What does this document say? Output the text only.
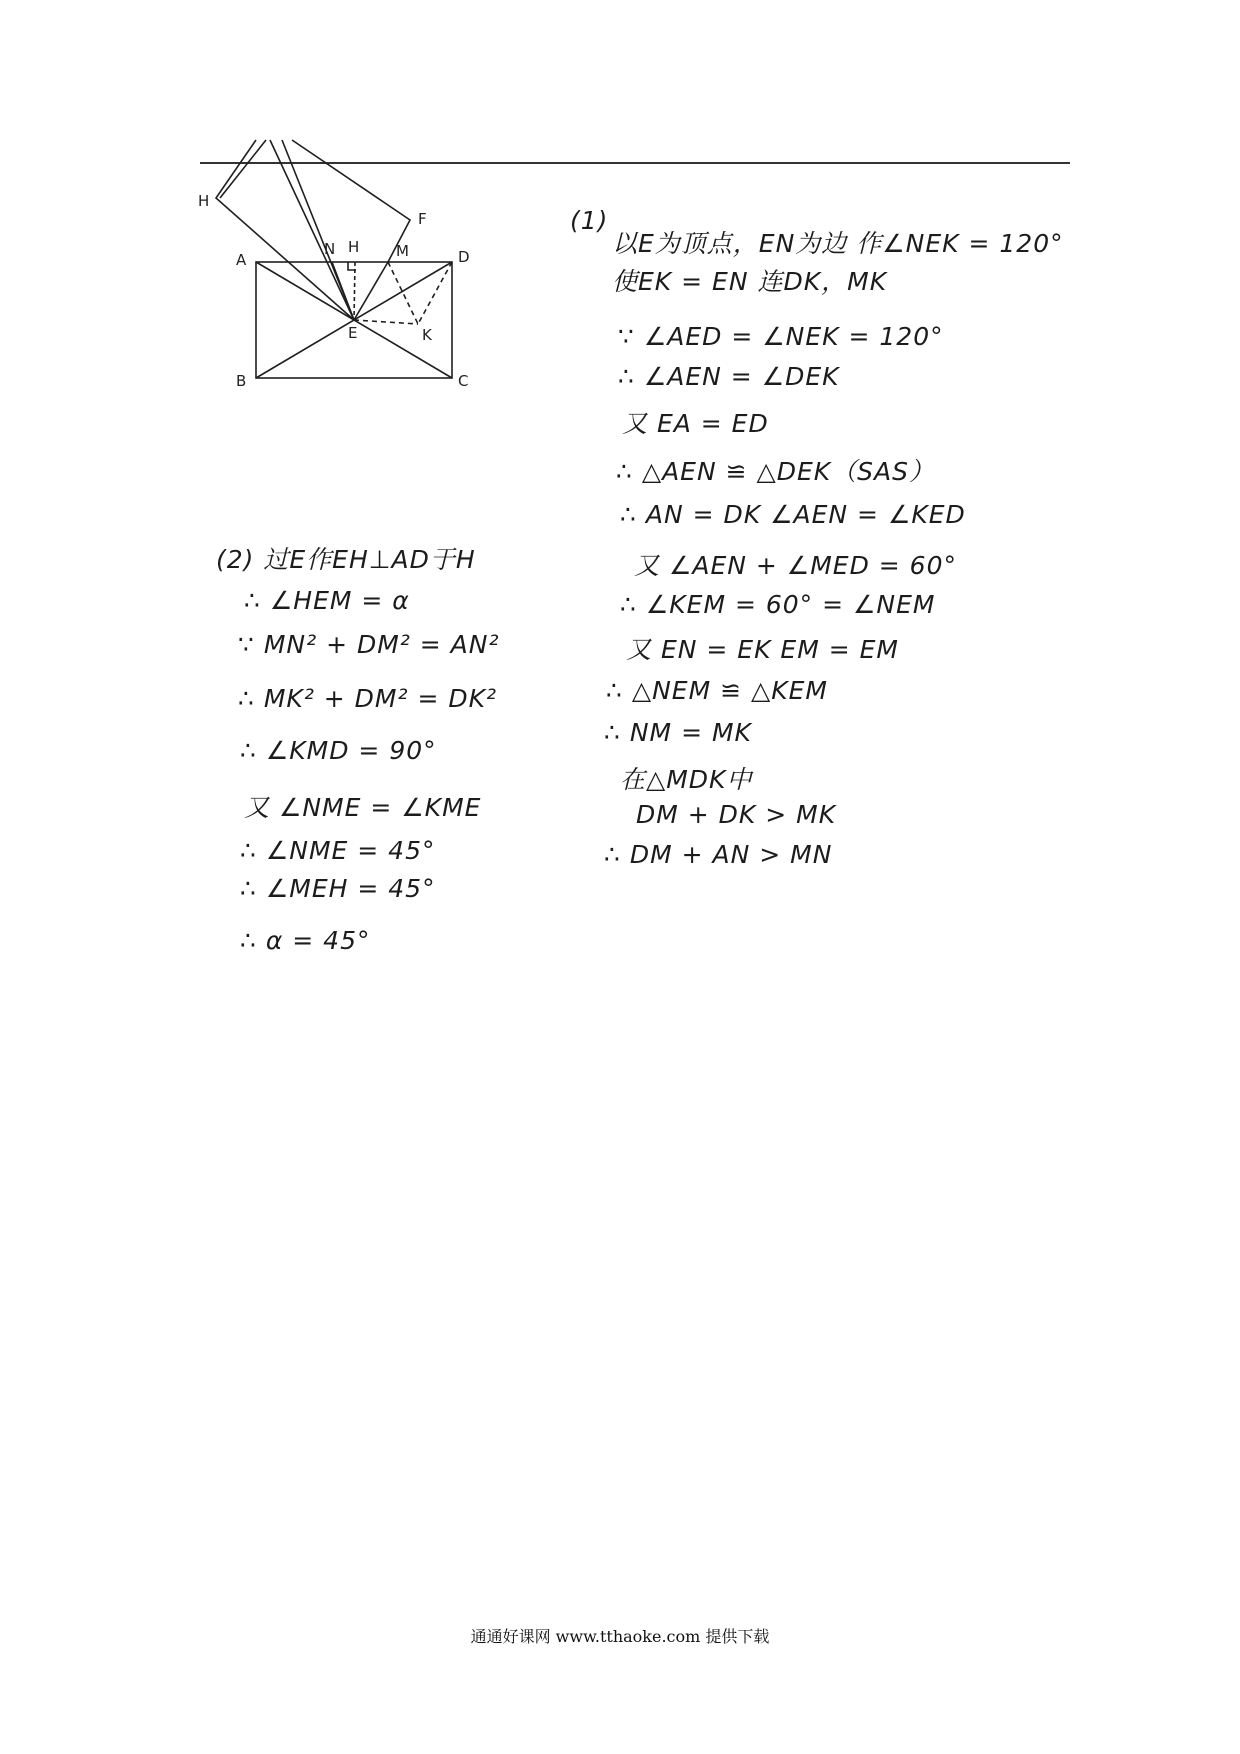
H
F
A
N H M	D
E	K
B	C
(1)
以E为顶点，EN为边 作∠NEK = 120°
使EK = EN 连DK，MK
∵ ∠AED = ∠NEK = 120°
∴ ∠AEN = ∠DEK
又 EA = ED
∴ △AEN ≌ △DEK（SAS）
∴ AN = DK ∠AEN = ∠KED
又 ∠AEN + ∠MED = 60°
∴ ∠KEM = 60° = ∠NEM
又 EN = EK EM = EM
∴ △NEM ≌ △KEM
∴ NM = MK
在△MDK中
DM + DK > MK
∴ DM + AN > MN
(2) 过E作EH⊥AD于H
∴ ∠HEM = α
∵ MN² + DM² = AN²
∴ MK² + DM² = DK²
∴ ∠KMD = 90°
又 ∠NME = ∠KME
∴ ∠NME = 45°
∴ ∠MEH = 45°
∴ α = 45°
通通好课网 www.tthaoke.com 提供下载
